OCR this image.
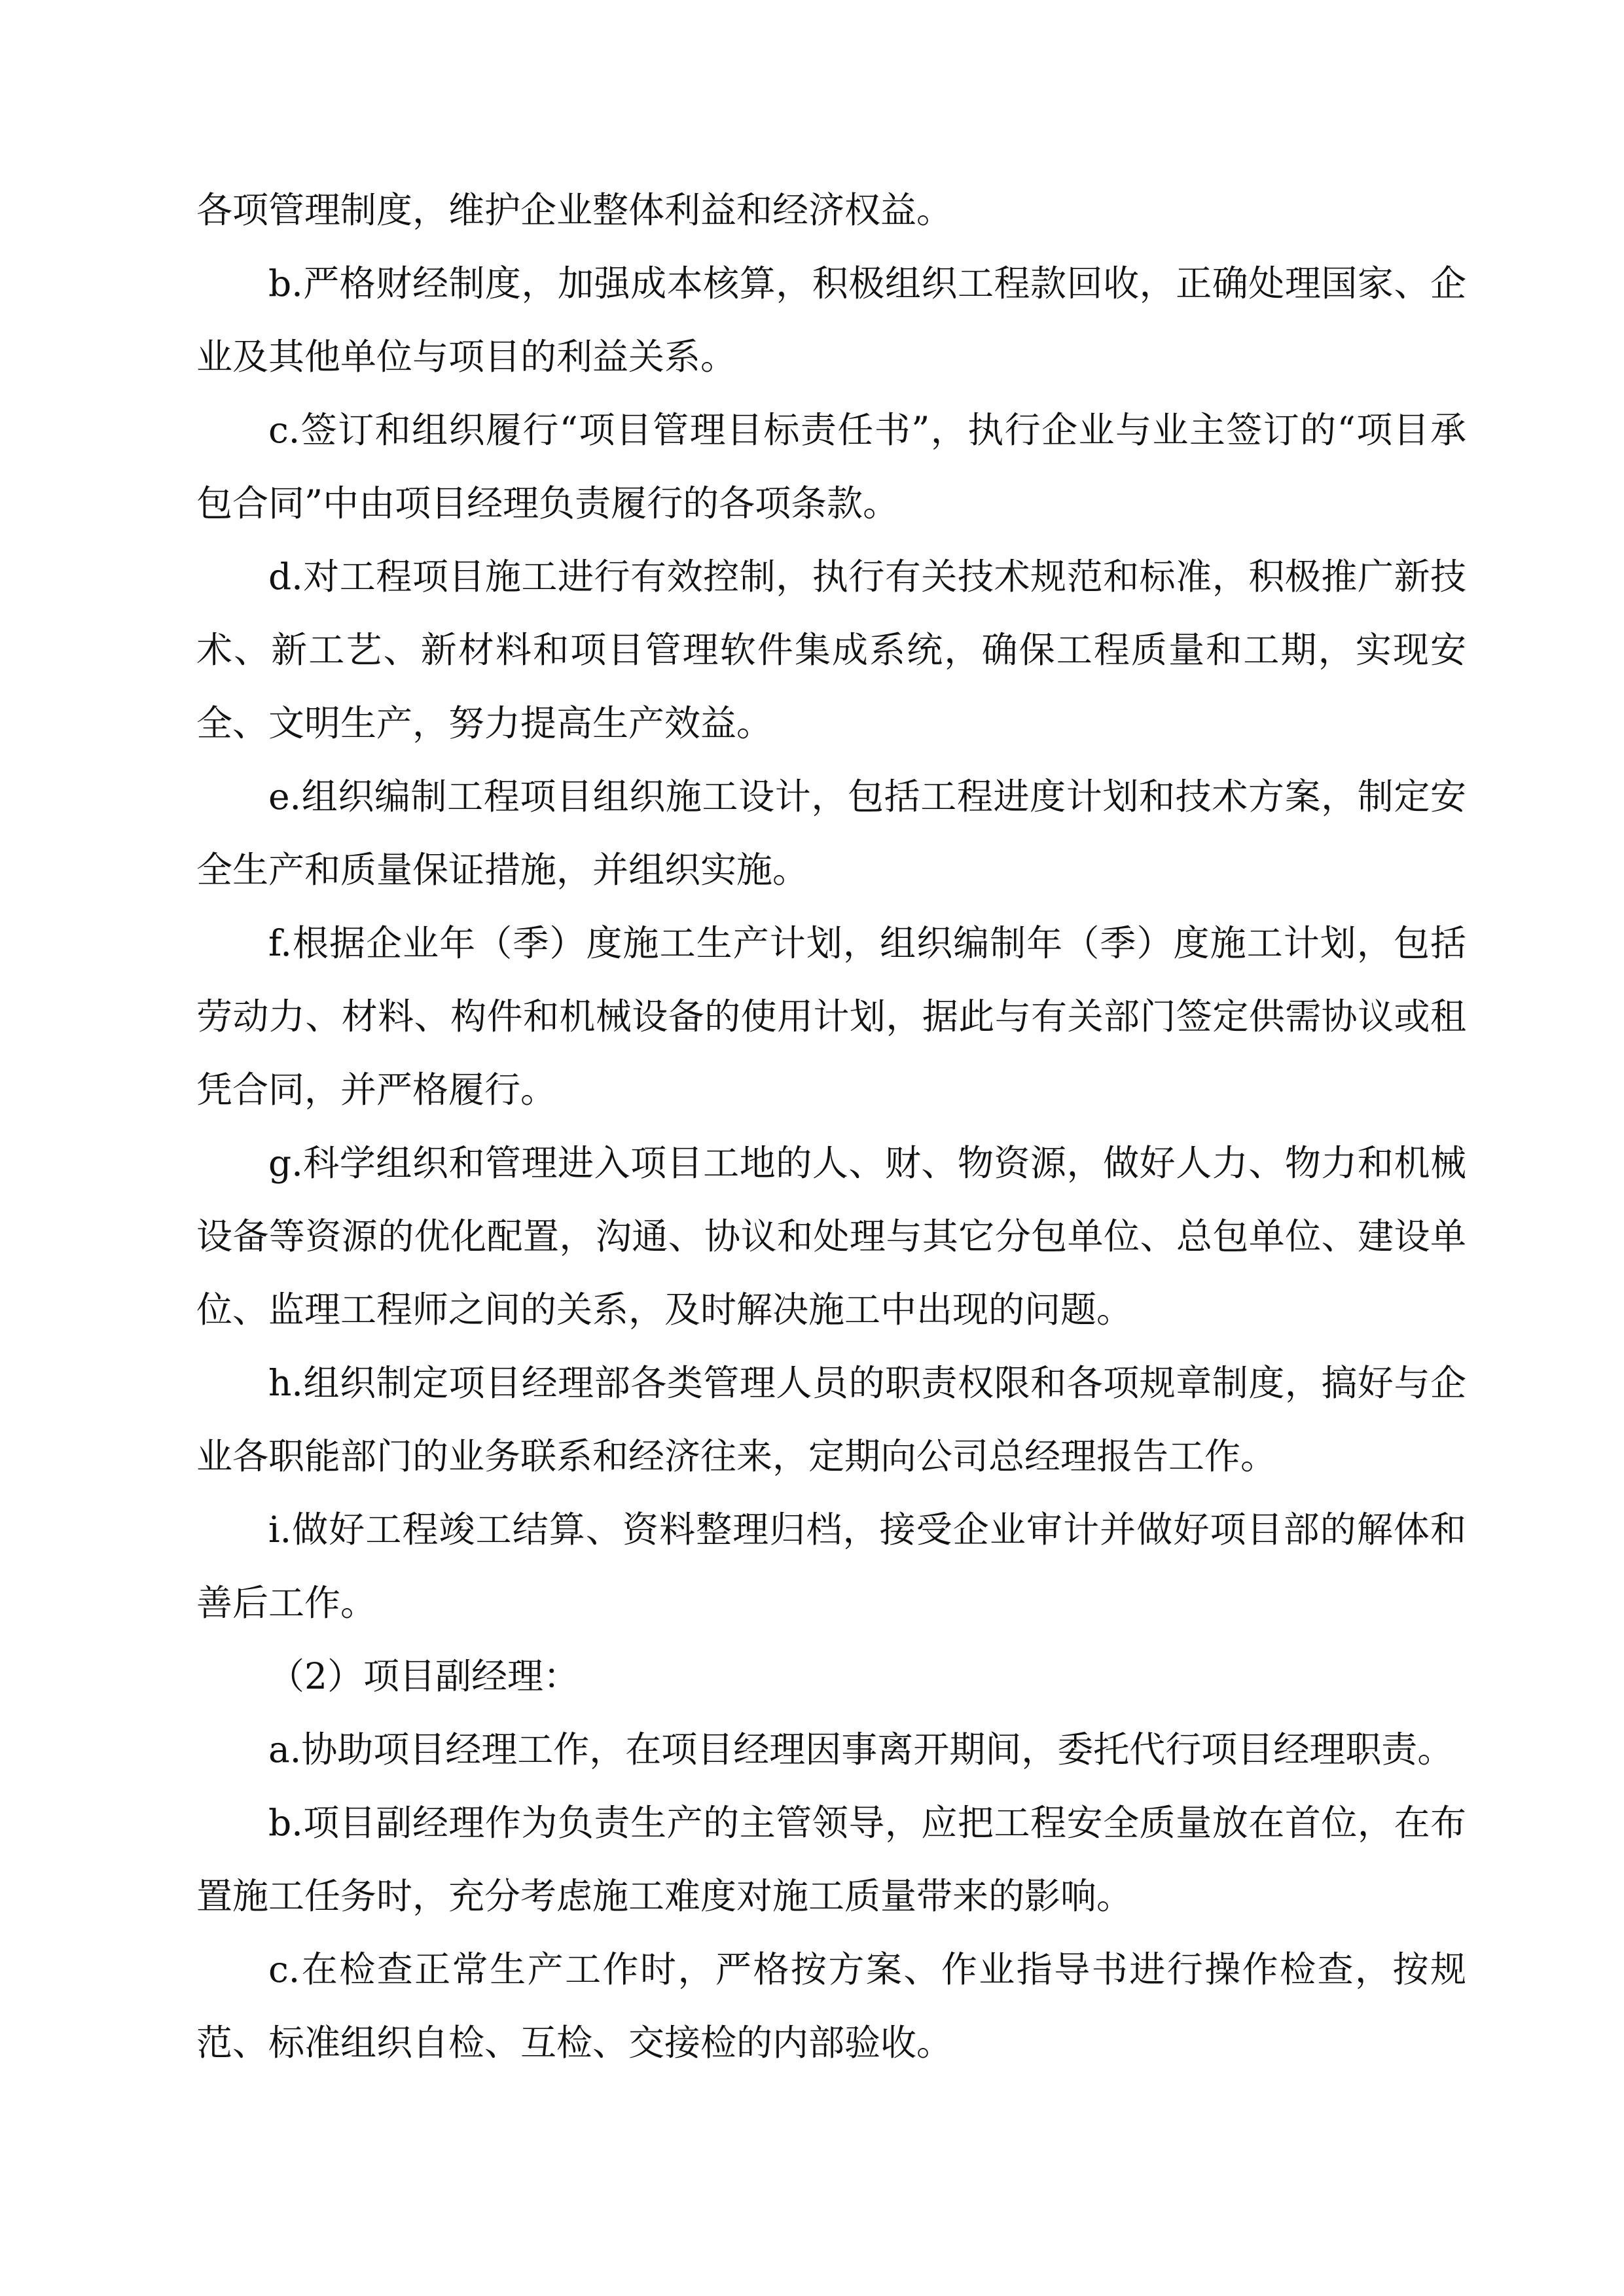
各项管理制度，维护企业整体利益和经济权益。

b.严格财经制度，加强成本核算，积极组织工程款回收，正确处理国家、企业及其他单位与项目的利益关系。

c.签订和组织履行“项目管理目标责任书”，执行企业与业主签订的“项目承包合同”中由项目经理负责履行的各项条款。

d.对工程项目施工进行有效控制，执行有关技术规范和标准，积极推广新技术、新工艺、新材料和项目管理软件集成系统，确保工程质量和工期，实现安全、文明生产，努力提高生产效益。

e.组织编制工程项目组织施工设计，包括工程进度计划和技术方案，制定安全生产和质量保证措施，并组织实施。

f.根据企业年（季）度施工生产计划，组织编制年（季）度施工计划，包括劳动力、材料、构件和机械设备的使用计划，据此与有关部门签定供需协议或租凭合同，并严格履行。

g.科学组织和管理进入项目工地的人、财、物资源，做好人力、物力和机械设备等资源的优化配置，沟通、协议和处理与其它分包单位、总包单位、建设单位、监理工程师之间的关系，及时解决施工中出现的问题。

h.组织制定项目经理部各类管理人员的职责权限和各项规章制度，搞好与企业各职能部门的业务联系和经济往来，定期向公司总经理报告工作。

i.做好工程竣工结算、资料整理归档，接受企业审计并做好项目部的解体和善后工作。

（2）项目副经理：

a.协助项目经理工作，在项目经理因事离开期间，委托代行项目经理职责。

b.项目副经理作为负责生产的主管领导，应把工程安全质量放在首位，在布置施工任务时，充分考虑施工难度对施工质量带来的影响。

c.在检查正常生产工作时，严格按方案、作业指导书进行操作检查，按规范、标准组织自检、互检、交接检的内部验收。
